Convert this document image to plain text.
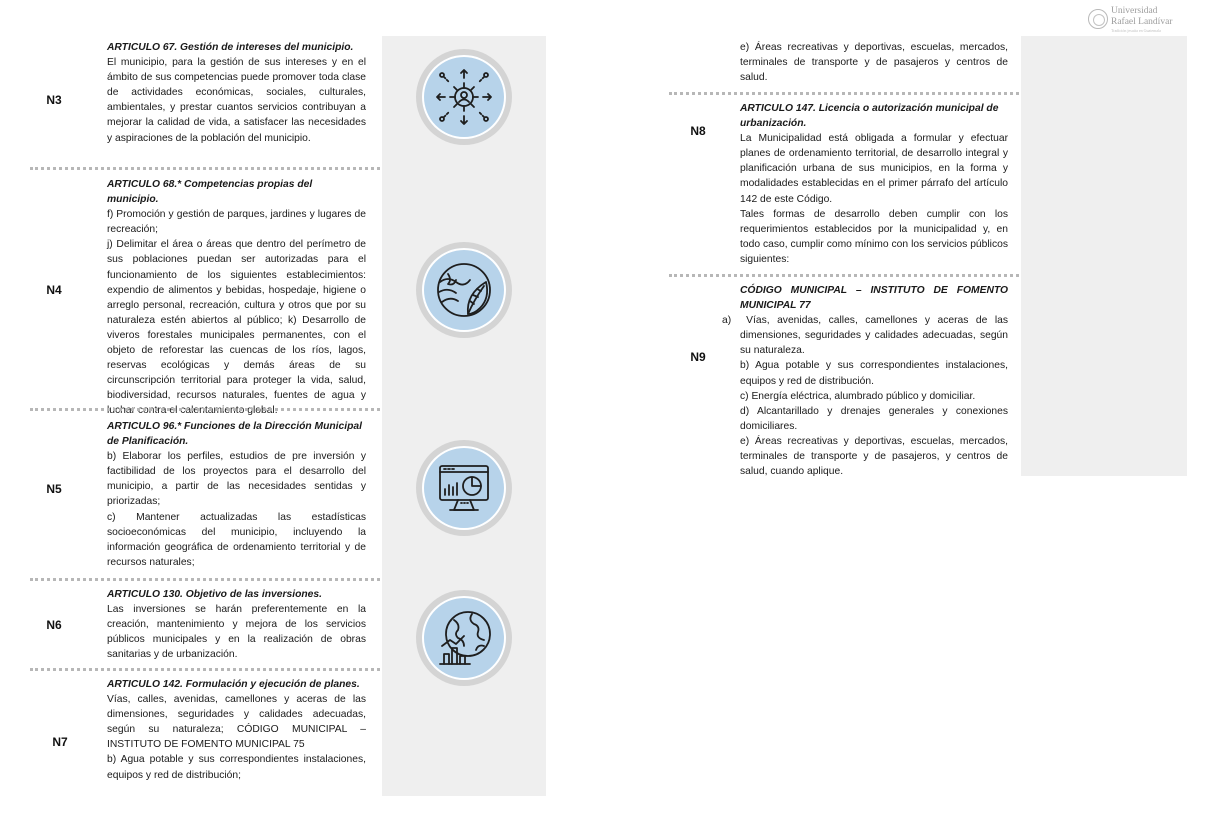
Universidad
Rafael Landívar
Tradición jesuita en Guatemala
N3

ARTICULO 67. Gestión de intereses del municipio.

El municipio, para la gestión de sus intereses y en el ámbito de sus competencias puede promover toda clase de actividades económicas, sociales, culturales, ambientales, y prestar cuantos servicios contribuyan a mejorar la calidad de vida, a satisfacer las necesidades y aspiraciones de la población del municipio.

N4

ARTICULO 68.* Competencias propias del municipio.

f) Promoción y gestión de parques, jardines y lugares de recreación;

j) Delimitar el área o áreas que dentro del perímetro de sus poblaciones puedan ser autorizadas para el funcionamiento de los siguientes establecimientos: expendio de alimentos y bebidas, hospedaje, higiene o arreglo personal, recreación, cultura y otros que por su naturaleza estén abiertos al público; k) Desarrollo de viveros forestales municipales permanentes, con el objeto de reforestar las cuencas de los ríos, lagos, reservas ecológicas y demás áreas de su circunscripción territorial para proteger la vida, salud, biodiversidad, recursos naturales, fuentes de agua y luchar contra el calentamiento global.

N5

ARTICULO 96.* Funciones de la Dirección Municipal de Planificación.

b) Elaborar los perfiles, estudios de pre inversión y factibilidad de los proyectos para el desarrollo del municipio, a partir de las necesidades sentidas y priorizadas;

c) Mantener actualizadas las estadísticas socioeconómicas del municipio, incluyendo la información geográfica de ordenamiento territorial y de recursos naturales;

N6

ARTICULO 130. Objetivo de las inversiones.

Las inversiones se harán preferentemente en la creación, mantenimiento y mejora de los servicios públicos municipales y en la realización de obras sanitarias y de urbanización.

N7

ARTICULO 142. Formulación y ejecución de planes.

Vías, calles, avenidas, camellones y aceras de las dimensiones, seguridades y calidades adecuadas, según su naturaleza; CÓDIGO MUNICIPAL – INSTITUTO DE FOMENTO MUNICIPAL 75

b) Agua potable y sus correspondientes instalaciones, equipos y red de distribución;

e) Áreas recreativas y deportivas, escuelas, mercados, terminales de transporte y de pasajeros y centros de salud.

N8

ARTICULO 147. Licencia o autorización municipal de urbanización.

La Municipalidad está obligada a formular y efectuar planes de ordenamiento territorial, de desarrollo integral y planificación urbana de sus municipios, en la forma y modalidades establecidas en el primer párrafo del artículo 142 de este Código.

Tales formas de desarrollo deben cumplir con los requerimientos establecidos por la municipalidad y, en todo caso, cumplir como mínimo con los servicios públicos siguientes:

N9

CÓDIGO MUNICIPAL – INSTITUTO DE FOMENTO MUNICIPAL 77

a)  Vías, avenidas, calles, camellones y aceras de las dimensiones, seguridades y calidades adecuadas, según su naturaleza.
b) Agua potable y sus correspondientes instalaciones, equipos y red de distribución.
c) Energía eléctrica, alumbrado público y domiciliar.
d) Alcantarillado y drenajes generales y conexiones domiciliares.
e) Áreas recreativas y deportivas, escuelas, mercados, terminales de transporte y de pasajeros, y centros de salud, cuando aplique.
